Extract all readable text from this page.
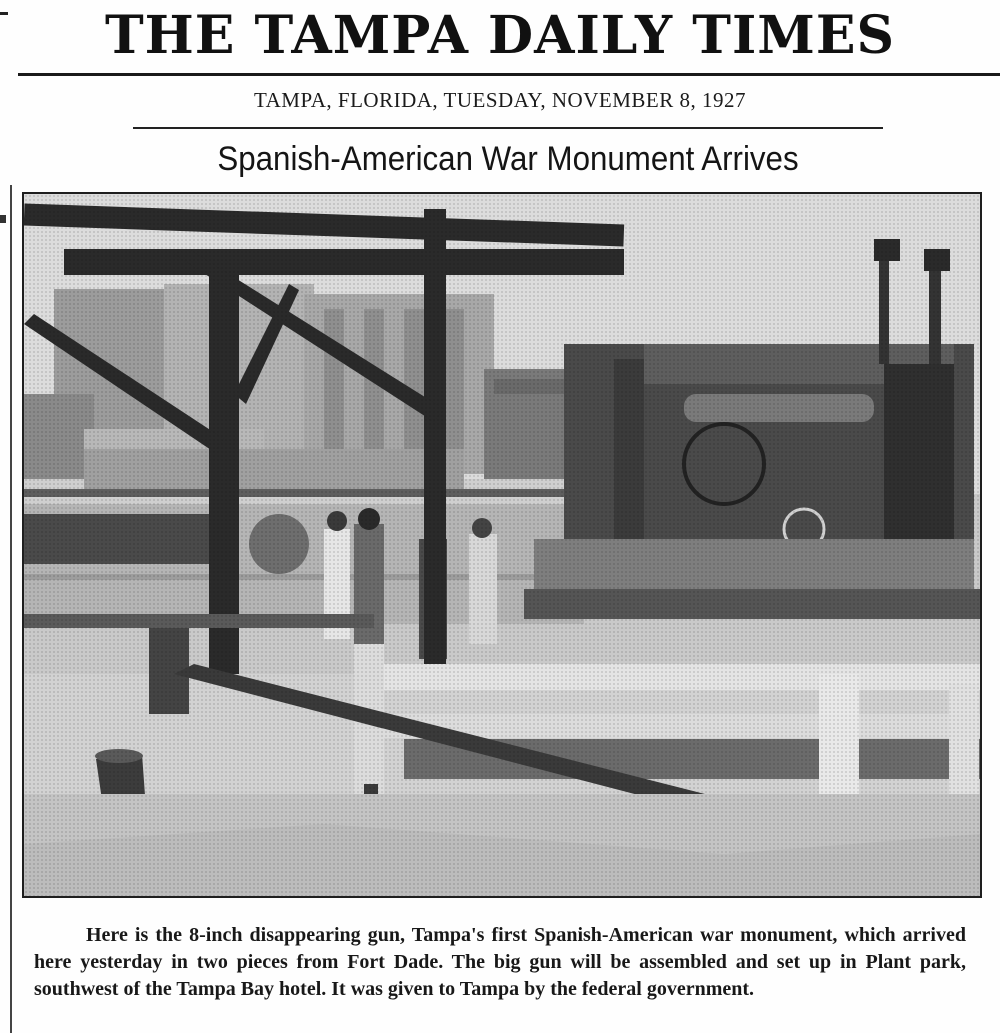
THE TAMPA DAILY TIMES
TAMPA, FLORIDA, TUESDAY, NOVEMBER 8, 1927
Spanish-American War Monument Arrives
Here is the 8-inch disappearing gun, Tampa's first Spanish-American war monument, which arrived here yesterday in two pieces from Fort Dade. The big gun will be assembled and set up in Plant park, southwest of the Tampa Bay hotel. It was given to Tampa by the federal government.
